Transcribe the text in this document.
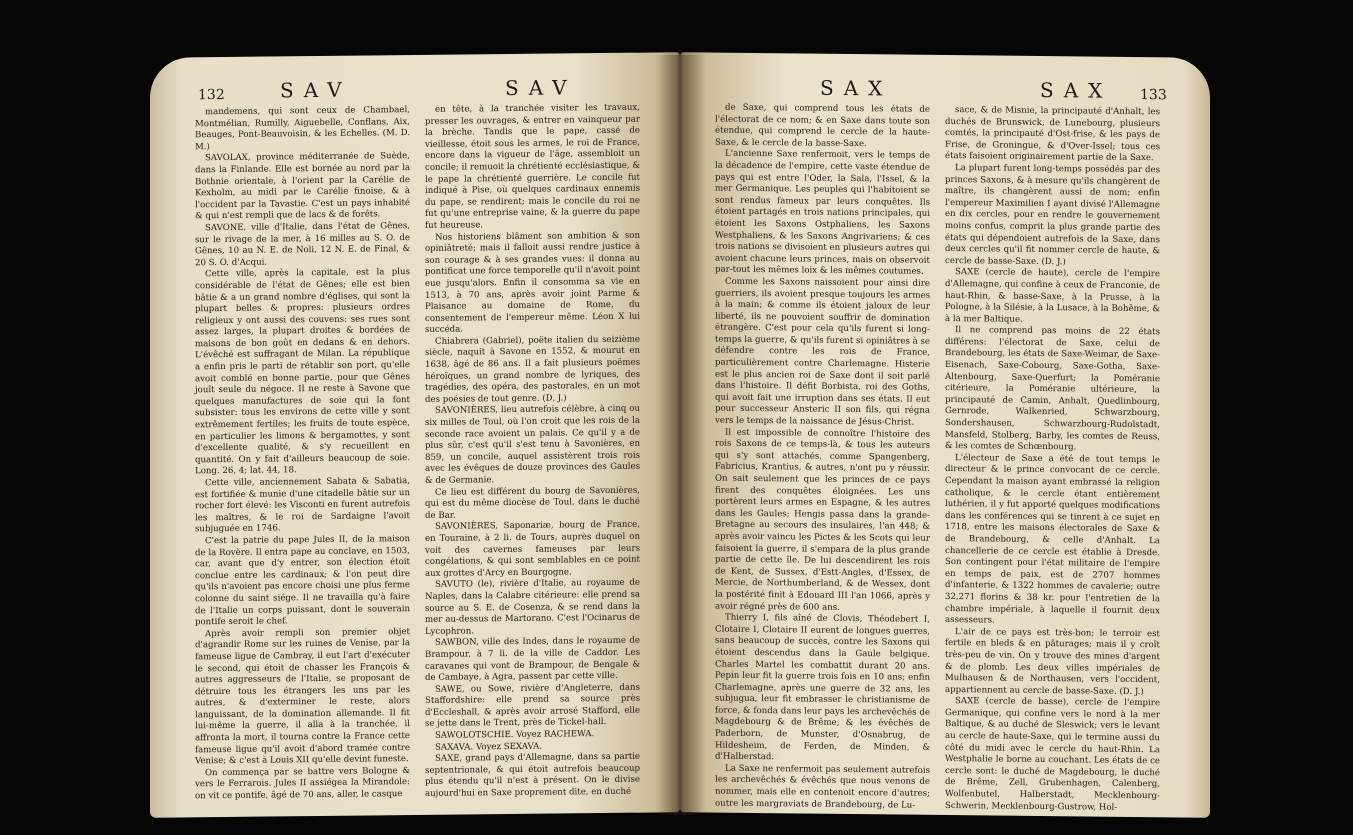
132	SAV	SAV

mandemens, qui sont ceux de Chambael, Montmélian, Rumilly, Aiguebelle, Conflans, Aix, Beauges, Pont-Beauvoisin, & les Echelles. (M. D. M.)

SAVOLAX, province méditerranée de Suède, dans la Finlande. Elle est bornée au nord par la Bothnie orientale, à l'orient par la Carélie de Kexholm, au midi par le Carélie finoise, & à l'occident par la Tavastie. C'est un pays inhabité & qui n'est rempli que de lacs & de forêts.

SAVONE, ville d'Italie, dans l'état de Gênes, sur le rivage de la mer, à 16 milles au S. O. de Gênes, 10 au N. E. de Noli, 12 N. E. de Final, & 20 S. O. d'Acqui.

Cette ville, après la capitale, est la plus considérable de l'état de Gênes; elle est bien bâtie & a un grand nombre d'églises, qui sont la plupart belles & propres: plusieurs ordres religieux y ont aussi des couvens: ses rues sont assez larges, la plupart droites & bordées de maisons de bon goût en dedans & en dehors. L'évêché est suffragant de Milan. La république a enfin pris le parti de rétablir son port, qu'elle avoit comblé en bonne partie, pour que Gênes jouît seule du négoce. Il ne reste à Savone que quelques manufactures de soie qui la font subsister: tous les environs de cette ville y sont extrêmement fertiles; les fruits de toute espèce, en particulier les limons & bergamottes, y sont d'excellente qualité, & s'y recueillent en quantité. On y fait d'ailleurs beaucoup de soie. Long. 26, 4; lat. 44, 18.

Cette ville, anciennement Sabata & Sabatia, est fortifiée & munie d'une citadelle bâtie sur un rocher fort élevé: les Visconti en furent autrefois les maîtres, & le roi de Sardaigne l'avoit subjuguée en 1746.

C'est la patrie du pape Jules II, de la maison de la Rovère. Il entra pape au conclave, en 1503, car, avant que d'y entrer, son élection étoit conclue entre les cardinaux; & l'on peut dire qu'ils n'avoient pas encore choisi une plus ferme colonne du saint siége. Il ne travailla qu'à faire de l'Italie un corps puissant, dont le souverain pontife seroit le chef.

Après avoir rempli son premier objet d'agrandir Rome sur les ruines de Venise, par la fameuse ligue de Cambray, il eut l'art d'exécuter le second, qui étoit de chasser les François & autres aggresseurs de l'Italie, se proposant de détruire tous les étrangers les uns par les autres, & d'exterminer le reste, alors languissant, de la domination allemande. Il fit lui-même la guerre, il alla à la tranchée, il affronta la mort, il tourna contre la France cette fameuse ligue qu'il avoit d'abord tramée contre Venise; & c'est à Louis XII qu'elle devint funeste.

On commença par se battre vers Bologne & vers le Ferrarois. Jules II assiégea la Mirandole: on vit ce pontife, âgé de 70 ans, aller, le casque

en tête, à la tranchée visiter les travaux, presser les ouvrages, & entrer en vainqueur par la brèche. Tandis que le pape, cassé de vieillesse, étoit sous les armes, le roi de France, encore dans la vigueur de l'âge, assembloit un concile; il remuoit la chrétienté ecclésiastique, & le pape la chrétienté guerrière. Le concile fut indiqué à Pise, où quelques cardinaux ennemis du pape, se rendirent; mais le concile du roi ne fut qu'une entreprise vaine, & la guerre du pape fut heureuse.

Nos historiens blâment son ambition & son opiniâtreté; mais il falloit aussi rendre justice à son courage & à ses grandes vues: il donna au pontificat une force temporelle qu'il n'avoit point eue jusqu'alors. Enfin il consomma sa vie en 1513, à 70 ans, après avoir joint Parme & Plaisance au domaine de Rome, du consentement de l'empereur même. Léon X lui succéda.

Chiabrera (Gabriel), poëte italien du seizième siècle, naquit à Savone en 1552, & mourut en 1638, âgé de 86 ans. Il a fait plusieurs poëmes héroïques, un grand nombre de lyriques, des tragédies, des opéra, des pastorales, en un mot des poésies de tout genre. (D. J.)

SAVONIÈRES, lieu autrefois célèbre, à cinq ou six milles de Toul, où l'on croit que les rois de la seconde race avoient un palais. Ce qu'il y a de plus sûr, c'est qu'il s'est tenu à Savonières, en 859, un concile, auquel assistèrent trois rois avec les évêques de douze provinces des Gaules & de Germanie.

Ce lieu est différent du bourg de Savonières, qui est du même diocèse de Toul, dans le duché de Bar.

SAVONIÈRES, Saponariæ, bourg de France, en Touraine, à 2 li. de Tours, auprès duquel on voit des cavernes fameuses par leurs congélations, & qui sont semblables en ce point aux grottes d'Arcy en Bourgogne.

SAVUTO (le), rivière d'Italie, au royaume de Naples, dans la Calabre citérieure: elle prend sa source au S. E. de Cosenza, & se rend dans la mer au-dessus de Martorano. C'est l'Ocinarus de Lycophron.

SAWBON, ville des Indes, dans le royaume de Brampour, à 7 li. de la ville de Caddor. Les caravanes qui vont de Brampour, de Bengale & de Cambaye, à Agra, passent par cette ville.

SAWE, ou Sowe, rivière d'Angleterre, dans Staffordshire: elle prend sa source près d'Eccleshall, & après avoir arrosé Stafford, elle se jette dans le Trent, près de Tickel-hall.

SAWOLOTSCHIE. Voyez RACHEWA.

SAXAVA. Voyez SEXAVA.

SAXE, grand pays d'Allemagne, dans sa partie septentrionale, & qui étoit autrefois beaucoup plus étendu qu'il n'est à présent. On le divise aujourd'hui en Saxe proprement dite, en duché

SAX	SAX 133

de Saxe, qui comprend tous les états de l'électorat de ce nom; & en Saxe dans toute son étendue, qui comprend le cercle de la haute-Saxe, & le cercle de la basse-Saxe.

L'ancienne Saxe renfermoit, vers le temps de la décadence de l'empire, cette vaste étendue de pays qui est entre l'Oder, la Sala, l'Issel, & la mer Germanique. Les peuples qui l'habitoient se sont rendus fameux par leurs conquêtes. Ils étoient partagés en trois nations principales, qui étoient les Saxons Ostphaliens, les Saxons Westphaliens, & les Saxons Angrivariens; & ces trois nations se divisoient en plusieurs autres qui avoient chacune leurs princes, mais on observoit par-tout les mêmes loix & les mêmes coutumes.

Comme les Saxons naissoient pour ainsi dire guerriers, ils avoient presque toujours les armes à la main; & comme ils étoient jaloux de leur liberté, ils ne pouvoient souffrir de domination étrangère. C'est pour cela qu'ils furent si long-temps la guerre, & qu'ils furent si opiniâtres à se défendre contre les rois de France, particulièrement contre Charlemagne. Histerie est le plus ancien roi de Saxe dont il soit parlé dans l'histoire. Il défit Borbista, roi des Goths, qui avoit fait une irruption dans ses états. Il eut pour successeur Ansteric II son fils, qui régna vers le temps de la naissance de Jésus-Christ.

Il est impossible de connoître l'histoire des rois Saxons de ce temps-là, & tous les auteurs qui s'y sont attachés, comme Spangenberg, Fabricius, Krantius, & autres, n'ont pu y réussir. On sait seulement que les princes de ce pays firent des conquêtes éloignées. Les uns portèrent leurs armes en Espagne, & les autres dans les Gaules; Hengis passa dans la grande-Bretagne au secours des insulaires, l'an 448; & après avoir vaincu les Pictes & les Scots qui leur faisoient la guerre, il s'empara de la plus grande partie de cette île. De lui descendirent les rois de Kent, de Sussex, d'Estt-Angles, d'Essex, de Mercie, de Northumberland, & de Wessex, dont la postérité finit à Edouard III l'an 1066, après y avoir régné près de 600 ans.

Thierry I, fils aîné de Clovis, Théodebert I, Clotaire I, Clotaire II eurent de longues guerres, sans beaucoup de succès, contre les Saxons qui étoient descendus dans la Gaule belgique. Charles Martel les combattit durant 20 ans. Pepin leur fit la guerre trois fois en 10 ans; enfin Charlemagne, après une guerre de 32 ans, les subjugua, leur fit embrasser le christianisme de force, & fonda dans leur pays les archevêchés de Magdebourg & de Brême, & les évêchés de Paderborn, de Munster, d'Osnabrug, de Hildesheim, de Ferden, de Minden, & d'Halberstad.

La Saxe ne renfermoit pas seulement autrefois les archevêchés & évêchés que nous venons de nommer, mais elle en contenoit encore d'autres; outre les margraviats de Brandebourg, de Lu-

sace, & de Misnie, la principauté d'Anhalt, les duchés de Brunswick, de Lunebourg, plusieurs comtés, la principauté d'Ost-frise, & les pays de Frise, de Groningue, & d'Over-Issel; tous ces états faisoient originairement partie de la Saxe.

La plupart furent long-temps possédés par des princes Saxons, & à mesure qu'ils changèrent de maître, ils changèrent aussi de nom; enfin l'empereur Maximilien I ayant divisé l'Allemagne en dix cercles, pour en rendre le gouvernement moins confus, comprit la plus grande partie des états qui dépendoient autrefois de la Saxe, dans deux cercles qu'il fit nommer cercle de haute, & cercle de basse-Saxe. (D. J.)

SAXE (cercle de haute), cercle de l'empire d'Allemagne, qui confine à ceux de Franconie, de haut-Rhin, & basse-Saxe, à la Prusse, à la Pologne, à la Silésie, à la Lusace, à la Bohême, & à la mer Baltique.

Il ne comprend pas moins de 22 états différens: l'électorat de Saxe, celui de Brandebourg, les états de Saxe-Weimar, de Saxe-Eisenach, Saxe-Cobourg, Saxe-Gotha, Saxe-Altenbourg, Saxe-Querfurt; la Poméranie citérieure, la Poméranie ultérieure, la principauté de Camin, Anhalt, Quedlinbourg, Gernrode, Walkenried, Schwarzbourg, Sondershausen, Schwarzbourg-Rudolstadt, Mansfeld, Stolberg, Barby, les comtes de Reuss, & les comtes de Schœnbourg.

L'électeur de Saxe a été de tout temps le directeur & le prince convocant de ce cercle. Cependant la maison ayant embrassé la religion catholique, & le cercle étant entièrement luthérien, il y fut apporté quelques modifications dans les conférences qui se tinrent à ce sujet en 1718, entre les maisons électorales de Saxe & de Brandebourg, & celle d'Anhalt. La chancellerie de ce cercle est établie à Dresde. Son contingent pour l'état militaire de l'empire en temps de paix, est de 2707 hommes d'infanterie, & 1322 hommes de cavalerie; outre 32,271 florins & 38 kr. pour l'entretien de la chambre impériale, à laquelle il fournit deux assesseurs.

L'air de ce pays est très-bon; le terroir est fertile en bleds & en pâturages; mais il y croît très-peu de vin. On y trouve des mines d'argent & de plomb. Les deux villes impériales de Mulhausen & de Northausen, vers l'occident, appartiennent au cercle de basse-Saxe. (D. J.)

SAXE (cercle de basse), cercle de l'empire Germanique, qui confine vers le nord à la mer Baltique, & au duché de Sleswick; vers le levant au cercle de haute-Saxe, qui le termine aussi du côté du midi avec le cercle du haut-Rhin. La Westphalie le borne au couchant. Les états de ce cercle sont: le duché de Magdebourg, le duché de Brême, Zell, Grubenhagen, Calenberg, Wolfenbutel, Halberstadt, Mecklenbourg-Schwerin, Mecklenbourg-Gustrow, Hol-
